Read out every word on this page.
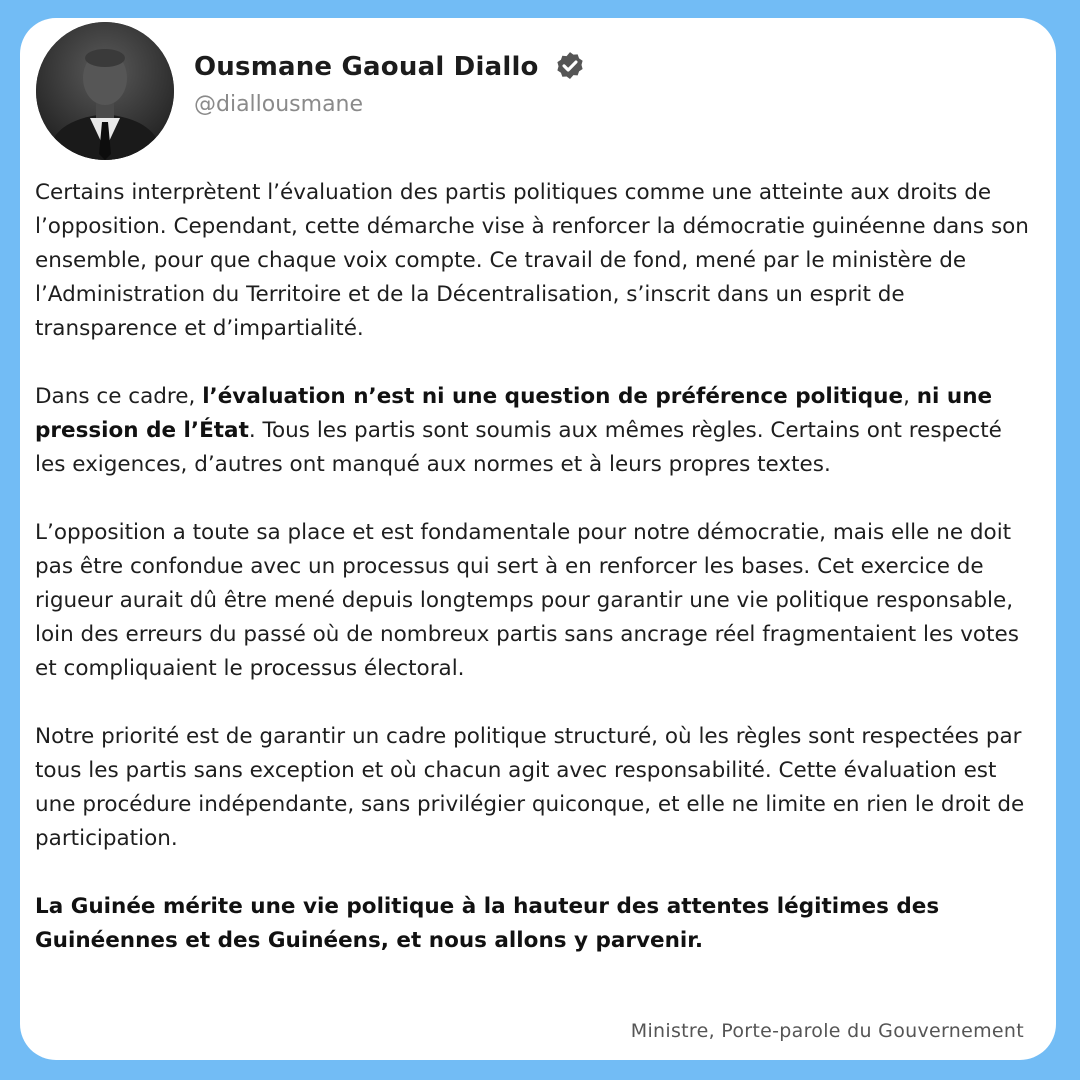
Ousmane Gaoual Diallo
@diallousmane

Certains interprètent l’évaluation des partis politiques comme une atteinte aux droits de l’opposition. Cependant, cette démarche vise à renforcer la démocratie guinéenne dans son ensemble, pour que chaque voix compte. Ce travail de fond, mené par le ministère de l’Administration du Territoire et de la Décentralisation, s’inscrit dans un esprit de transparence et d’impartialité.

Dans ce cadre, l’évaluation n’est ni une question de préférence politique, ni une pression de l’État. Tous les partis sont soumis aux mêmes règles. Certains ont respecté les exigences, d’autres ont manqué aux normes et à leurs propres textes.

L’opposition a toute sa place et est fondamentale pour notre démocratie, mais elle ne doit pas être confondue avec un processus qui sert à en renforcer les bases. Cet exercice de rigueur aurait dû être mené depuis longtemps pour garantir une vie politique responsable, loin des erreurs du passé où de nombreux partis sans ancrage réel fragmentaient les votes et compliquaient le processus électoral.

Notre priorité est de garantir un cadre politique structuré, où les règles sont respectées par tous les partis sans exception et où chacun agit avec responsabilité. Cette évaluation est une procédure indépendante, sans privilégier quiconque, et elle ne limite en rien le droit de participation.

La Guinée mérite une vie politique à la hauteur des attentes légitimes des Guinéennes et des Guinéens, et nous allons y parvenir.

Ministre, Porte-parole du Gouvernement
